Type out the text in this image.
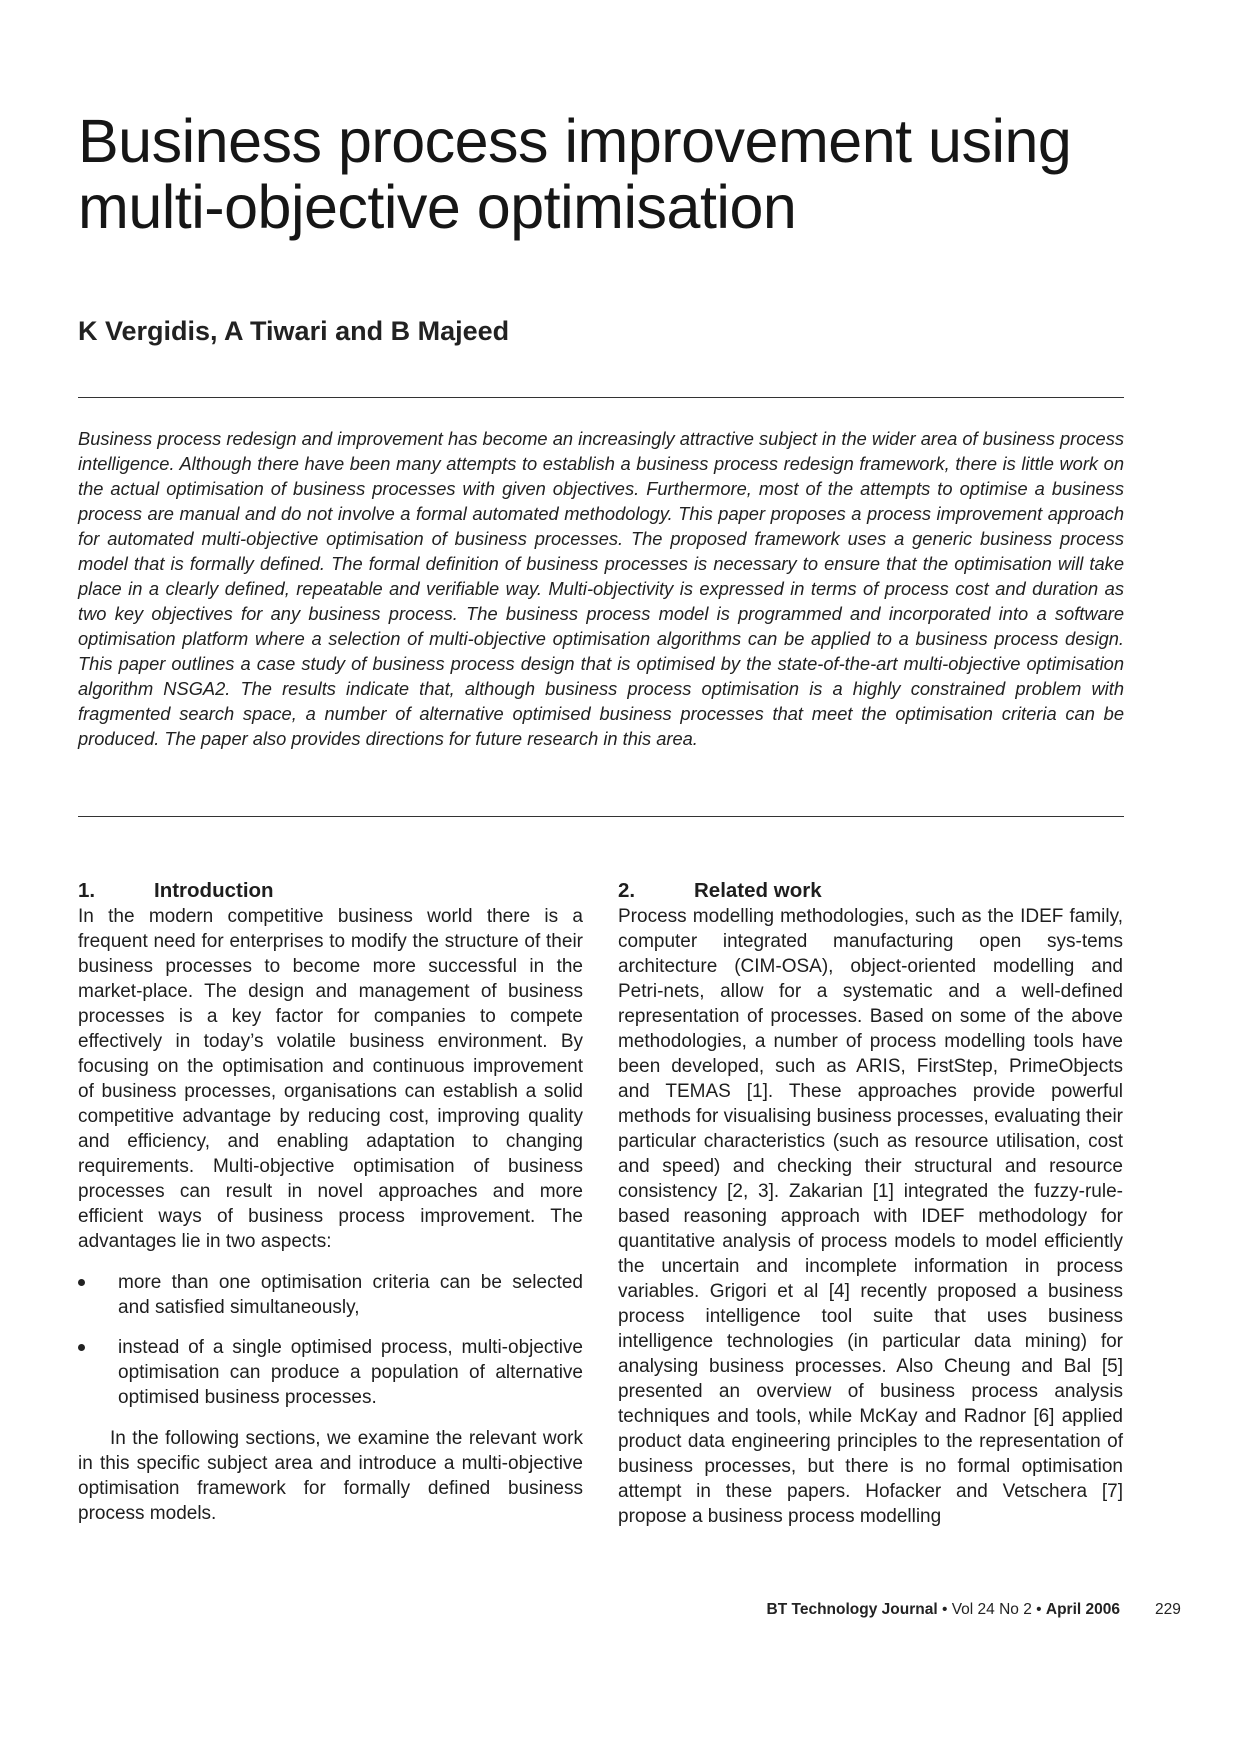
Business process improvement using
multi-objective optimisation
K Vergidis, A Tiwari and B Majeed
Business process redesign and improvement has become an increasingly attractive subject in the wider area of business process intelligence. Although there have been many attempts to establish a business process redesign framework, there is little work on the actual optimisation of business processes with given objectives. Furthermore, most of the attempts to optimise a business process are manual and do not involve a formal automated methodology. This paper proposes a process improvement approach for automated multi-objective optimisation of business processes. The proposed framework uses a generic business process model that is formally defined. The formal definition of business processes is necessary to ensure that the optimisation will take place in a clearly defined, repeatable and verifiable way. Multi-objectivity is expressed in terms of process cost and duration as two key objectives for any business process. The business process model is programmed and incorporated into a software optimisation platform where a selection of multi-objective optimisation algorithms can be applied to a business process design. This paper outlines a case study of business process design that is optimised by the state-of-the-art multi-objective optimisation algorithm NSGA2. The results indicate that, although business process optimisation is a highly constrained problem with fragmented search space, a number of alternative optimised business processes that meet the optimisation criteria can be produced. The paper also provides directions for future research in this area.
1.	Introduction

In the modern competitive business world there is a frequent need for enterprises to modify the structure of their business processes to become more successful in the market-place. The design and management of business processes is a key factor for companies to compete effectively in today’s volatile business environment. By focusing on the optimisation and continuous improvement of business processes, organisations can establish a solid competitive advantage by reducing cost, improving quality and efficiency, and enabling adaptation to changing requirements. Multi-objective optimisation of business processes can result in novel approaches and more efficient ways of business process improvement. The advantages lie in two aspects:

more than one optimisation criteria can be selected and satisfied simultaneously,
instead of a single optimised process, multi-objective optimisation can produce a population of alternative optimised business processes.

In the following sections, we examine the relevant work in this specific subject area and introduce a multi-objective optimisation framework for formally defined business process models.

2.	Related work

Process modelling methodologies, such as the IDEF family, computer integrated manufacturing open sys-tems architecture (CIM-OSA), object-oriented modelling and Petri-nets, allow for a systematic and a well-defined representation of processes. Based on some of the above methodologies, a number of process modelling tools have been developed, such as ARIS, FirstStep, PrimeObjects and TEMAS [1]. These approaches provide powerful methods for visualising business processes, evaluating their particular characteristics (such as resource utilisation, cost and speed) and checking their structural and resource consistency [2, 3]. Zakarian [1] integrated the fuzzy-rule-based reasoning approach with IDEF methodology for quantitative analysis of process models to model efficiently the uncertain and incomplete information in process variables. Grigori et al [4] recently proposed a business process intelligence tool suite that uses business intelligence technologies (in particular data mining) for analysing business processes. Also Cheung and Bal [5] presented an overview of business process analysis techniques and tools, while McKay and Radnor [6] applied product data engineering principles to the representation of business processes, but there is no formal optimisation attempt in these papers. Hofacker and Vetschera [7] propose a business process modelling

BT Technology Journal • Vol 24 No 2 • April 2006 229
